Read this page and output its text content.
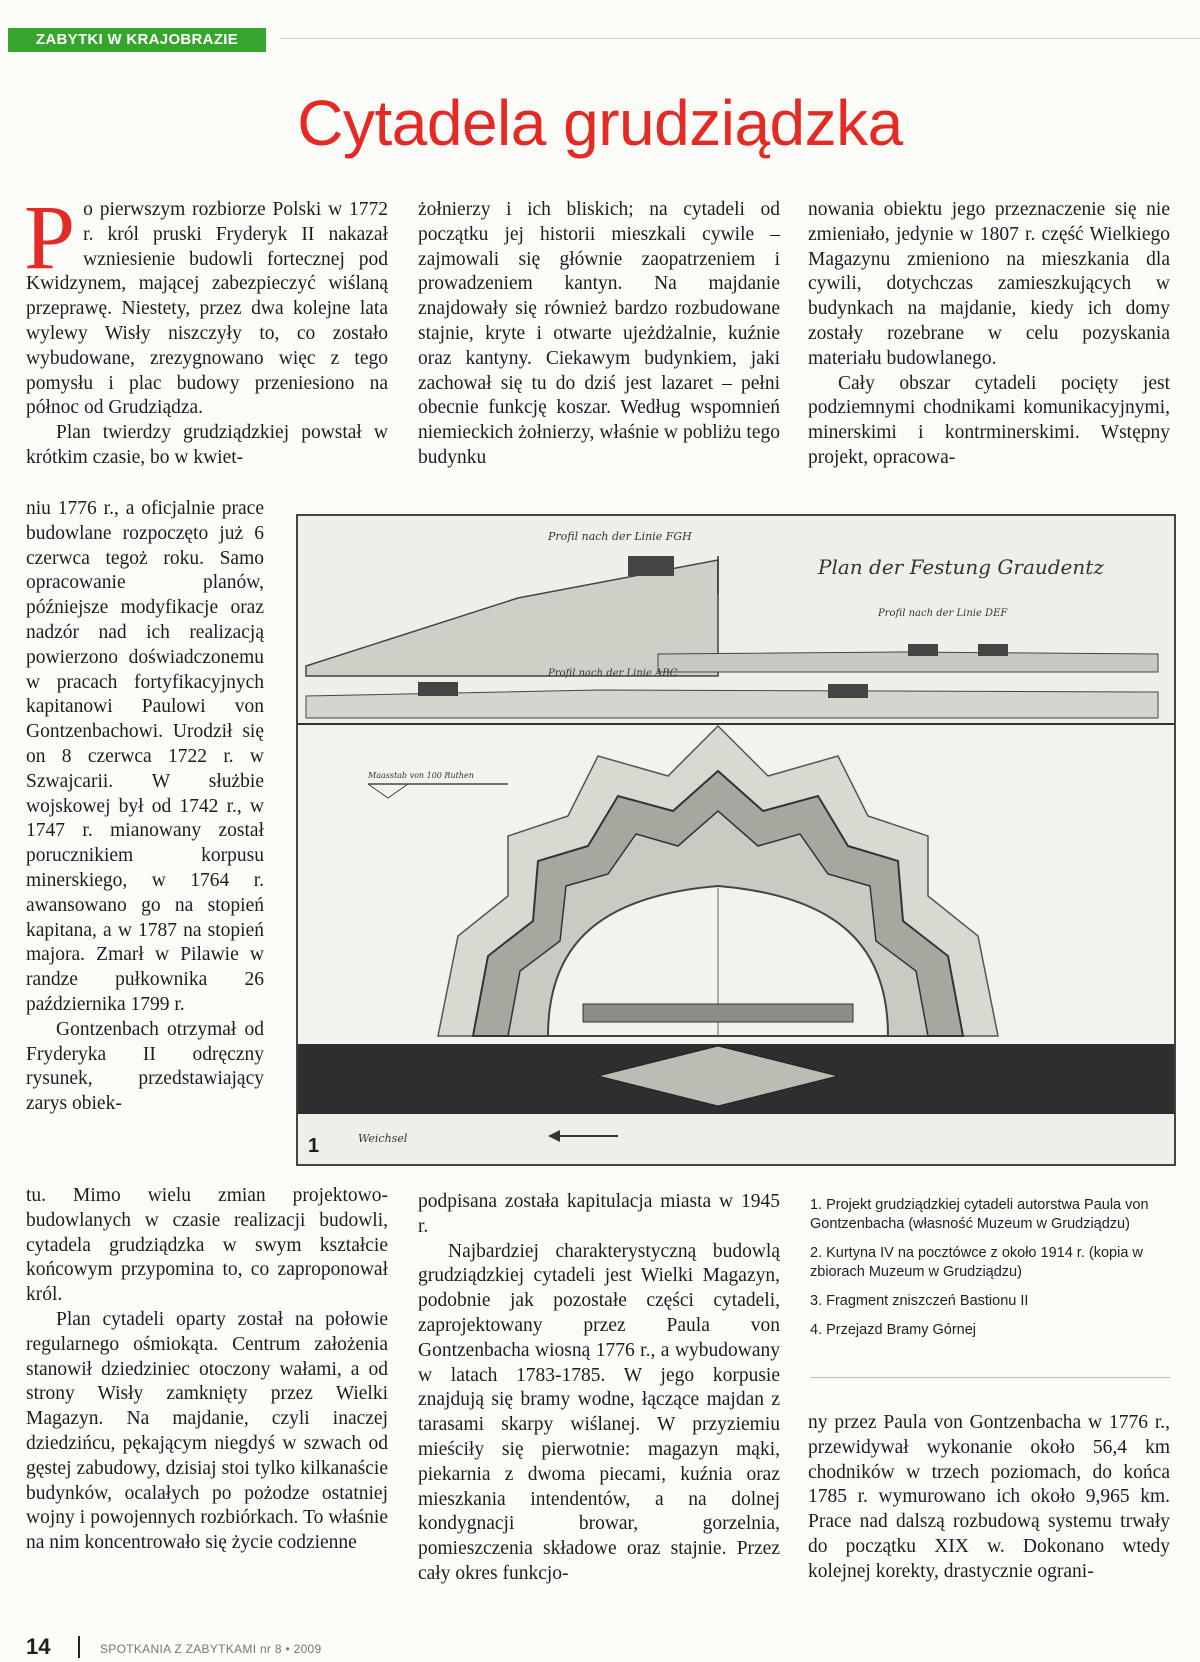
ZABYTKI W KRAJOBRAZIE
Cytadela grudziądzka

Po pierwszym rozbiorze Polski w 1772 r. król pruski Fryderyk II nakazał wzniesienie budowli fortecznej pod Kwidzynem, mającej zabezpieczyć wiślaną przeprawę. Niestety, przez dwa kolejne lata wylewy Wisły niszczyły to, co zostało wybudowane, zrezygnowano więc z tego pomysłu i plac budowy przeniesiono na północ od Grudziądza.

Plan twierdzy grudziądzkiej powstał w krótkim czasie, bo w kwiet-

niu 1776 r., a oficjalnie prace budowlane rozpoczęto już 6 czerwca tegoż roku. Samo opracowanie planów, późniejsze modyfikacje oraz nadzór nad ich realizacją powierzono doświadczonemu w pracach fortyfikacyjnych kapitanowi Paulowi von Gontzenbachowi. Urodził się on 8 czerwca 1722 r. w Szwajcarii. W służbie wojskowej był od 1742 r., w 1747 r. mianowany został porucznikiem korpusu minerskiego, w 1764 r. awansowano go na stopień kapitana, a w 1787 na stopień majora. Zmarł w Pilawie w randze pułkownika 26 października 1799 r.

Gontzenbach otrzymał od Fryderyka II odręczny rysunek, przedstawiający zarys obiek-

tu. Mimo wielu zmian projektowo-budowlanych w czasie realizacji budowli, cytadela grudziądzka w swym kształcie końcowym przypomina to, co zaproponował król.

Plan cytadeli oparty został na połowie regularnego ośmiokąta. Centrum założenia stanowił dziedziniec otoczony wałami, a od strony Wisły zamknięty przez Wielki Magazyn. Na majdanie, czyli inaczej dziedzińcu, pękającym niegdyś w szwach od gęstej zabudowy, dzisiaj stoi tylko kilkanaście budynków, ocalałych po pożodze ostatniej wojny i powojennych rozbiórkach. To właśnie na nim koncentrowało się życie codzienne

żołnierzy i ich bliskich; na cytadeli od początku jej historii mieszkali cywile – zajmowali się głównie zaopatrzeniem i prowadzeniem kantyn. Na majdanie znajdowały się również bardzo rozbudowane stajnie, kryte i otwarte ujeżdżalnie, kuźnie oraz kantyny. Ciekawym budynkiem, jaki zachował się tu do dziś jest lazaret – pełni obecnie funkcję koszar. Według wspomnień niemieckich żołnierzy, właśnie w pobliżu tego budynku

podpisana została kapitulacja miasta w 1945 r.

Najbardziej charakterystyczną budowlą grudziądzkiej cytadeli jest Wielki Magazyn, podobnie jak pozostałe części cytadeli, zaprojektowany przez Paula von Gontzenbacha wiosną 1776 r., a wybudowany w latach 1783-1785. W jego korpusie znajdują się bramy wodne, łączące majdan z tarasami skarpy wiślanej. W przyziemiu mieściły się pierwotnie: magazyn mąki, piekarnia z dwoma piecami, kuźnia oraz mieszkania intendentów, a na dolnej kondygnacji browar, gorzelnia, pomieszczenia składowe oraz stajnie. Przez cały okres funkcjo-

nowania obiektu jego przeznaczenie się nie zmieniało, jedynie w 1807 r. część Wielkiego Magazynu zmieniono na mieszkania dla cywili, dotychczas zamieszkujących w budynkach na majdanie, kiedy ich domy zostały rozebrane w celu pozyskania materiału budowlanego.

Cały obszar cytadeli pocięty jest podziemnymi chodnikami komunikacyjnymi, minerskimi i kontrminerskimi. Wstępny projekt, opracowa-

ny przez Paula von Gontzenbacha w 1776 r., przewidywał wykonanie około 56,4 km chodników w trzech poziomach, do końca 1785 r. wymurowano ich około 9,965 km. Prace nad dalszą rozbudową systemu trwały do początku XIX w. Dokonano wtedy kolejnej korekty, drastycznie ograni-

Profil nach der Linie FGH
Plan der Festung Graudentz
Profil nach der Linie DEF
Profil nach der Linie ABC
Maasstab von 100 Ruthen
Weichsel
1

1. Projekt grudziądzkiej cytadeli autorstwa Paula von Gontzenbacha (własność Muzeum w Grudziądzu)

2. Kurtyna IV na pocztówce z około 1914 r. (kopia w zbiorach Muzeum w Grudziądzu)

3. Fragment zniszczeń Bastionu II

4. Przejazd Bramy Górnej

14	SPOTKANIA Z ZABYTKAMI nr 8 • 2009
